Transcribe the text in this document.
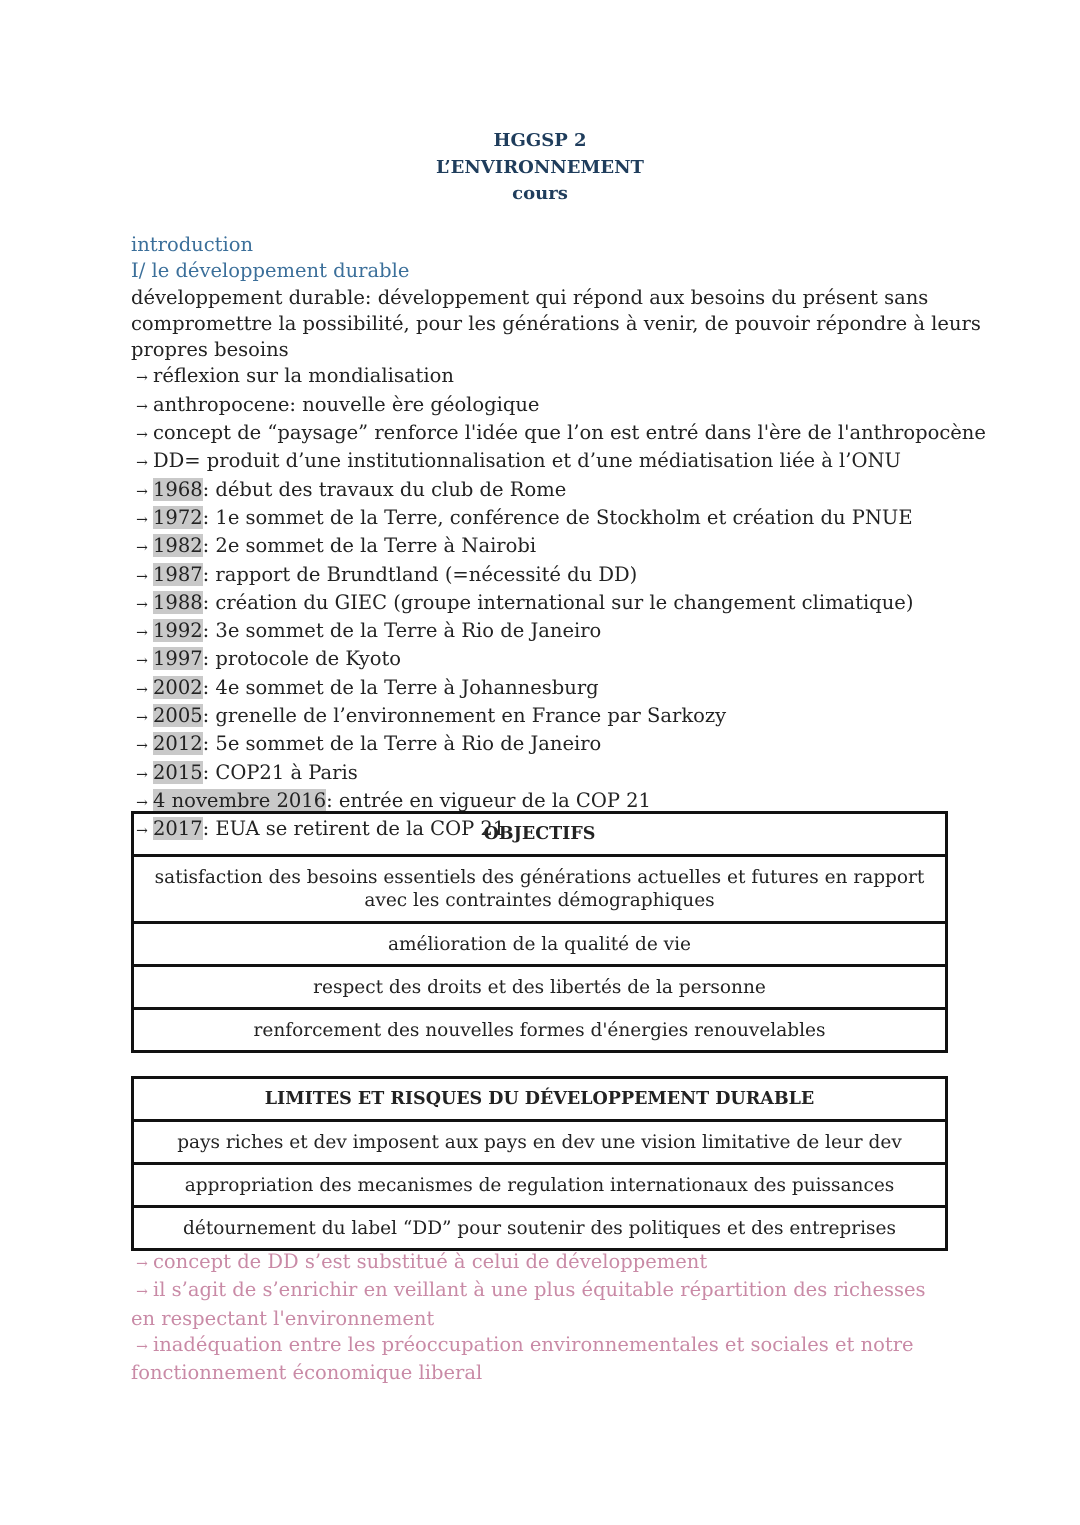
HGGSP 2
L’ENVIRONNEMENT
cours
introduction
I/ le développement durable
développement durable: développement qui répond aux besoins du présent sans
compromettre la possibilité, pour les générations à venir, de pouvoir répondre à leurs
propres besoins
→ réflexion sur la mondialisation
→ anthropocene: nouvelle ère géologique
→ concept de “paysage” renforce l'idée que l’on est entré dans l'ère de l'anthropocène
→ DD= produit d’une institutionnalisation et d’une médiatisation liée à l’ONU
→ 1968: début des travaux du club de Rome
→ 1972: 1e sommet de la Terre, conférence de Stockholm et création du PNUE
→ 1982: 2e sommet de la Terre à Nairobi
→ 1987: rapport de Brundtland (=nécessité du DD)
→ 1988: création du GIEC (groupe international sur le changement climatique)
→ 1992: 3e sommet de la Terre à Rio de Janeiro
→ 1997: protocole de Kyoto
→ 2002: 4e sommet de la Terre à Johannesburg
→ 2005: grenelle de l’environnement en France par Sarkozy
→ 2012: 5e sommet de la Terre à Rio de Janeiro
→ 2015: COP21 à Paris
→ 4 novembre 2016: entrée en vigueur de la COP 21
→ 2017: EUA se retirent de la COP 21
OBJECTIFS
satisfaction des besoins essentiels des générations actuelles et futures en rapport avec les contraintes démographiques
amélioration de la qualité de vie
respect des droits et des libertés de la personne
renforcement des nouvelles formes d'énergies renouvelables
LIMITES ET RISQUES DU DÉVELOPPEMENT DURABLE
pays riches et dev imposent aux pays en dev une vision limitative de leur dev
appropriation des mecanismes de regulation internationaux des puissances
détournement du label “DD” pour soutenir des politiques et des entreprises
→ concept de DD s’est substitué à celui de développement
→ il s’agit de s’enrichir en veillant à une plus équitable répartition des richesses en respectant l'environnement
→ inadéquation entre les préoccupation environnementales et sociales et notre fonctionnement économique liberal
